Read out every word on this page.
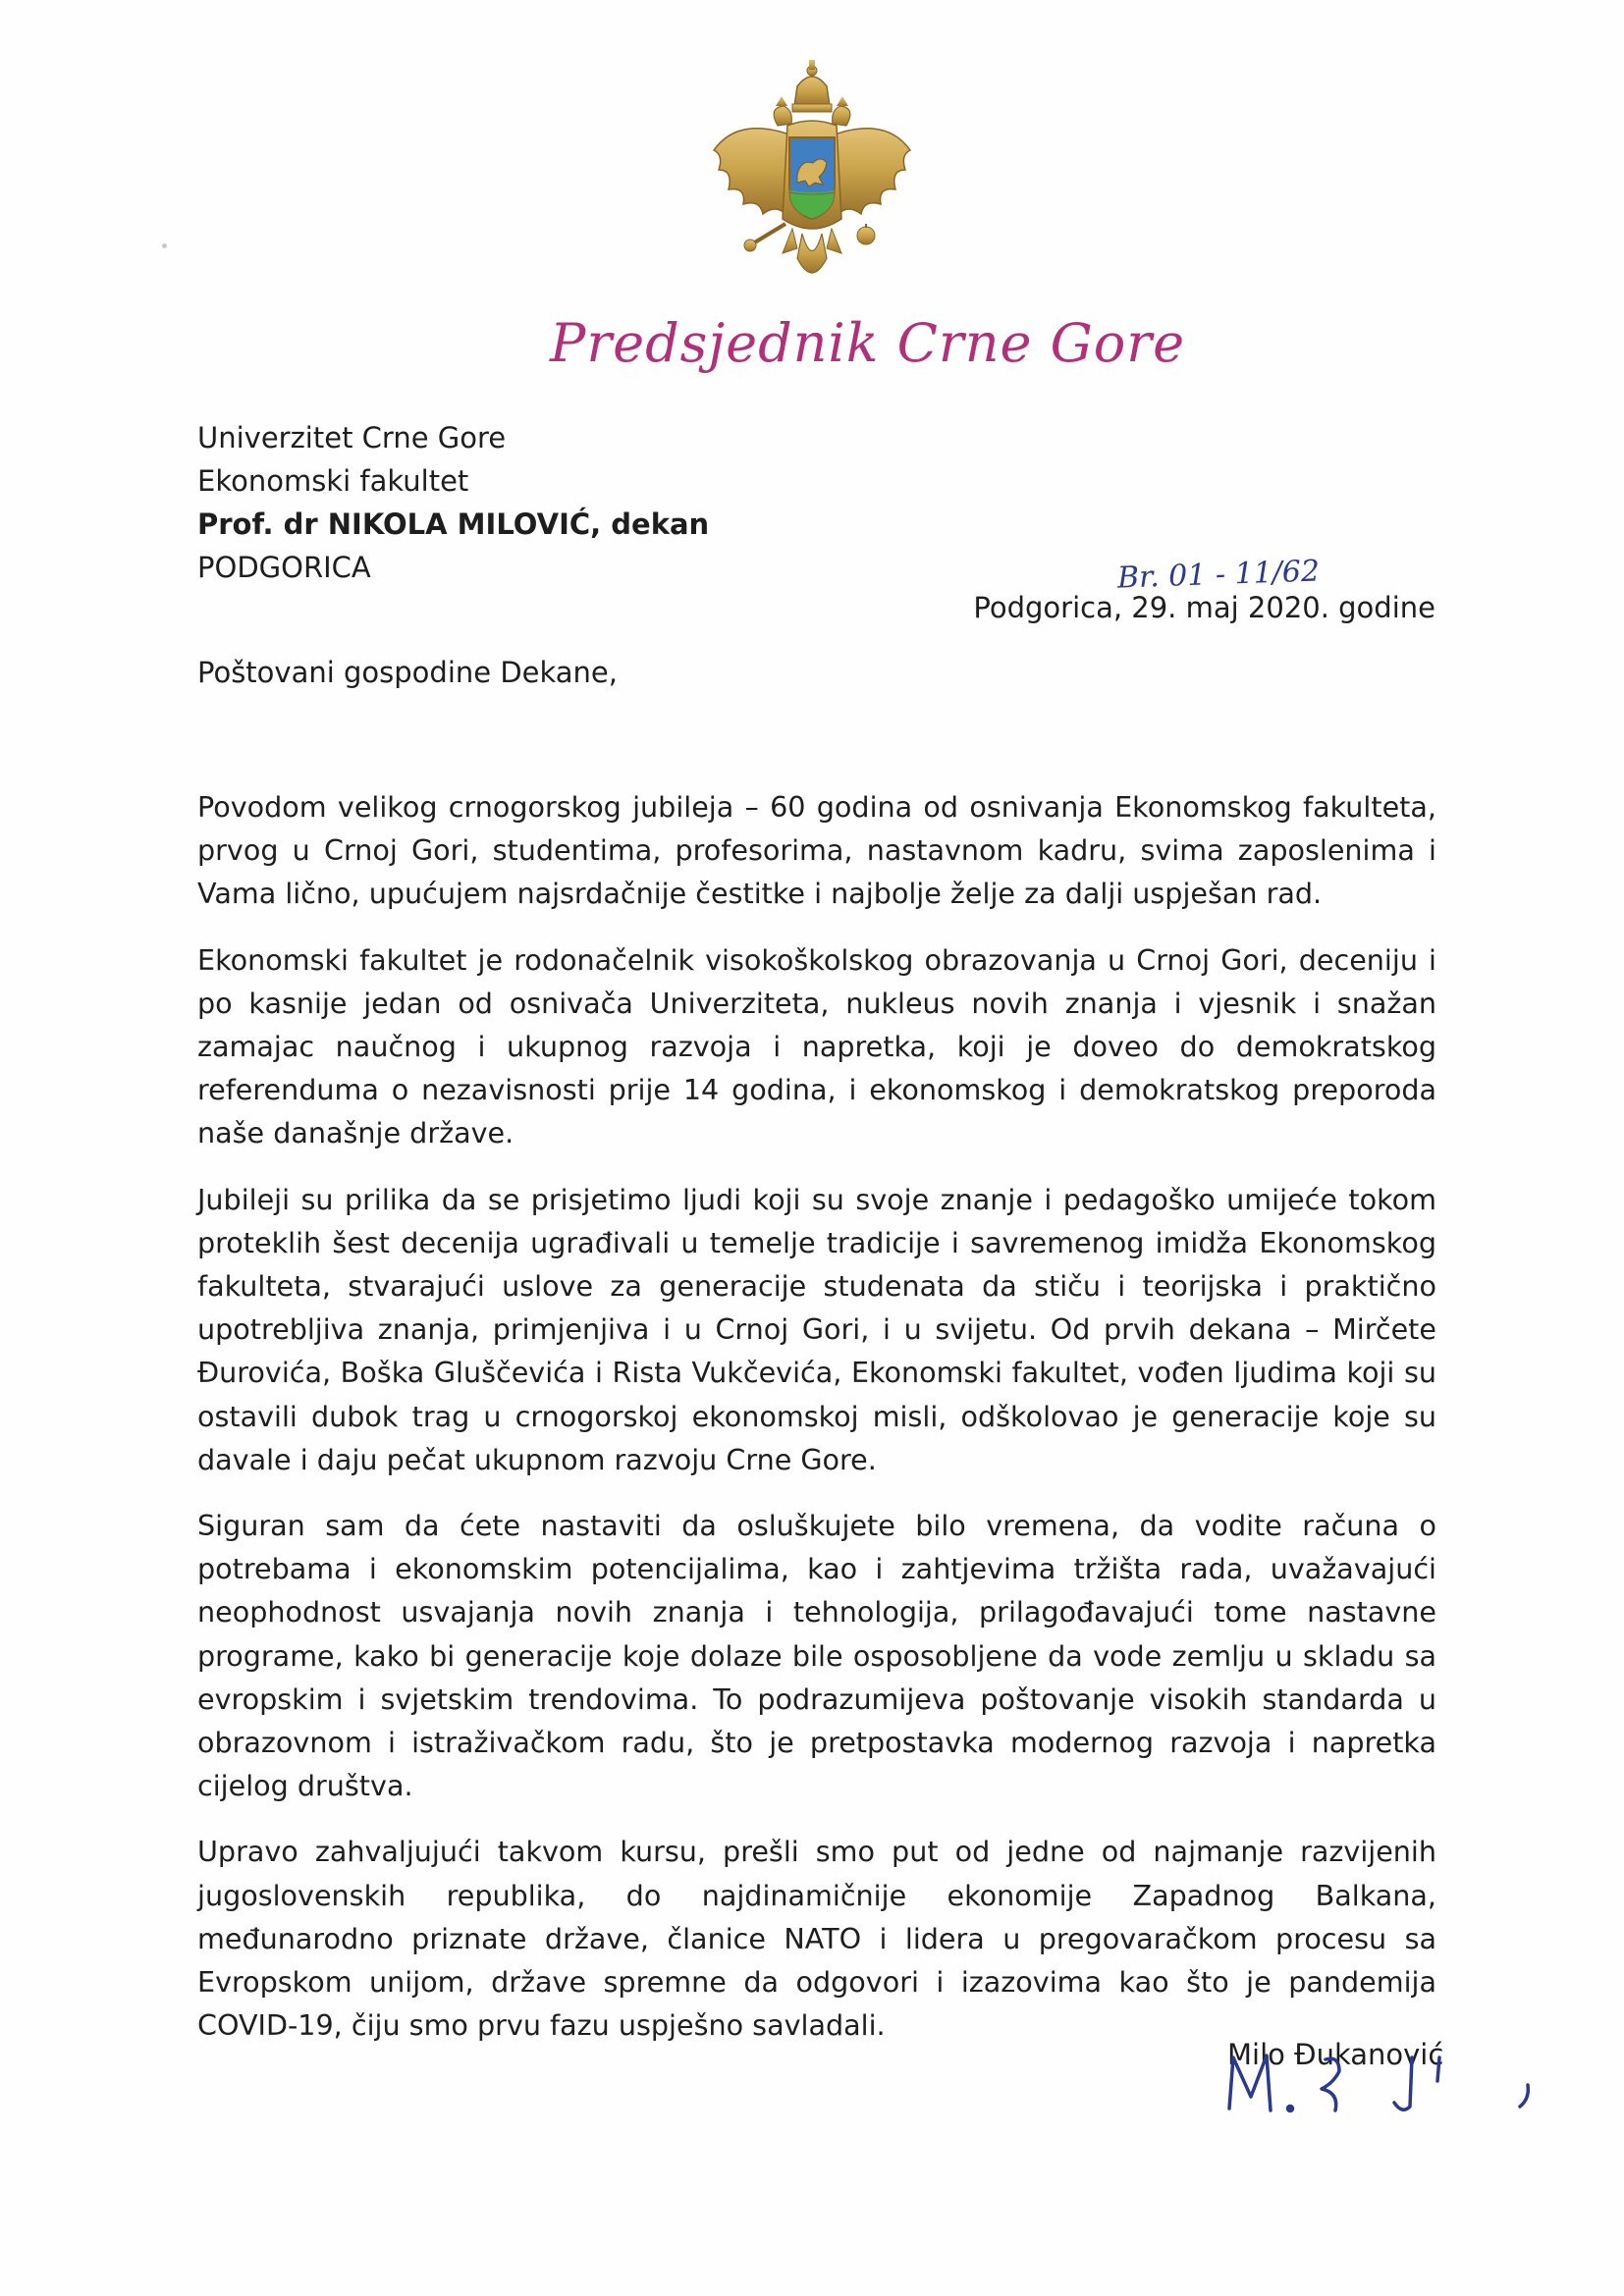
Predsjednik Crne Gore
Univerzitet Crne Gore
Ekonomski fakultet
Prof. dr NIKOLA MILOVIĆ, dekan
PODGORICA	Br. 01 - 11/62
Podgorica, 29. maj 2020. godine
Poštovani gospodine Dekane,

Povodom velikog crnogorskog jubileja – 60 godina od osnivanja Ekonomskog fakulteta, prvog u Crnoj Gori, studentima, profesorima, nastavnom kadru, svima zaposlenima i Vama lično, upućujem najsrdačnije čestitke i najbolje želje za dalji uspješan rad.

Ekonomski fakultet je rodonačelnik visokoškolskog obrazovanja u Crnoj Gori, deceniju i po kasnije jedan od osnivača Univerziteta, nukleus novih znanja i vjesnik i snažan zamajac naučnog i ukupnog razvoja i napretka, koji je doveo do demokratskog referenduma o nezavisnosti prije 14 godina, i ekonomskog i demokratskog preporoda naše današnje države.

Jubileji su prilika da se prisjetimo ljudi koji su svoje znanje i pedagoško umijeće tokom proteklih šest decenija ugrađivali u temelje tradicije i savremenog imidža Ekonomskog fakulteta, stvarajući uslove za generacije studenata da stiču i teorijska i praktično upotrebljiva znanja, primjenjiva i u Crnoj Gori, i u svijetu. Od prvih dekana – Mirčete Đurovića, Boška Gluščevića i Rista Vukčevića, Ekonomski fakultet, vođen ljudima koji su ostavili dubok trag u crnogorskoj ekonomskoj misli, odškolovao je generacije koje su davale i daju pečat ukupnom razvoju Crne Gore.

Siguran sam da ćete nastaviti da osluškujete bilo vremena, da vodite računa o potrebama i ekonomskim potencijalima, kao i zahtjevima tržišta rada, uvažavajući neophodnost usvajanja novih znanja i tehnologija, prilagođavajući tome nastavne programe, kako bi generacije koje dolaze bile osposobljene da vode zemlju u skladu sa evropskim i svjetskim trendovima. To podrazumijeva poštovanje visokih standarda u obrazovnom i istraživačkom radu, što je pretpostavka modernog razvoja i napretka cijelog društva.

Upravo zahvaljujući takvom kursu, prešli smo put od jedne od najmanje razvijenih jugoslovenskih republika, do najdinamičnije ekonomije Zapadnog Balkana, međunarodno priznate države, članice NATO i lidera u pregovaračkom procesu sa Evropskom unijom, države spremne da odgovori i izazovima kao što je pandemija COVID-19, čiju smo prvu fazu uspješno savladali.

Milo Đukanović
